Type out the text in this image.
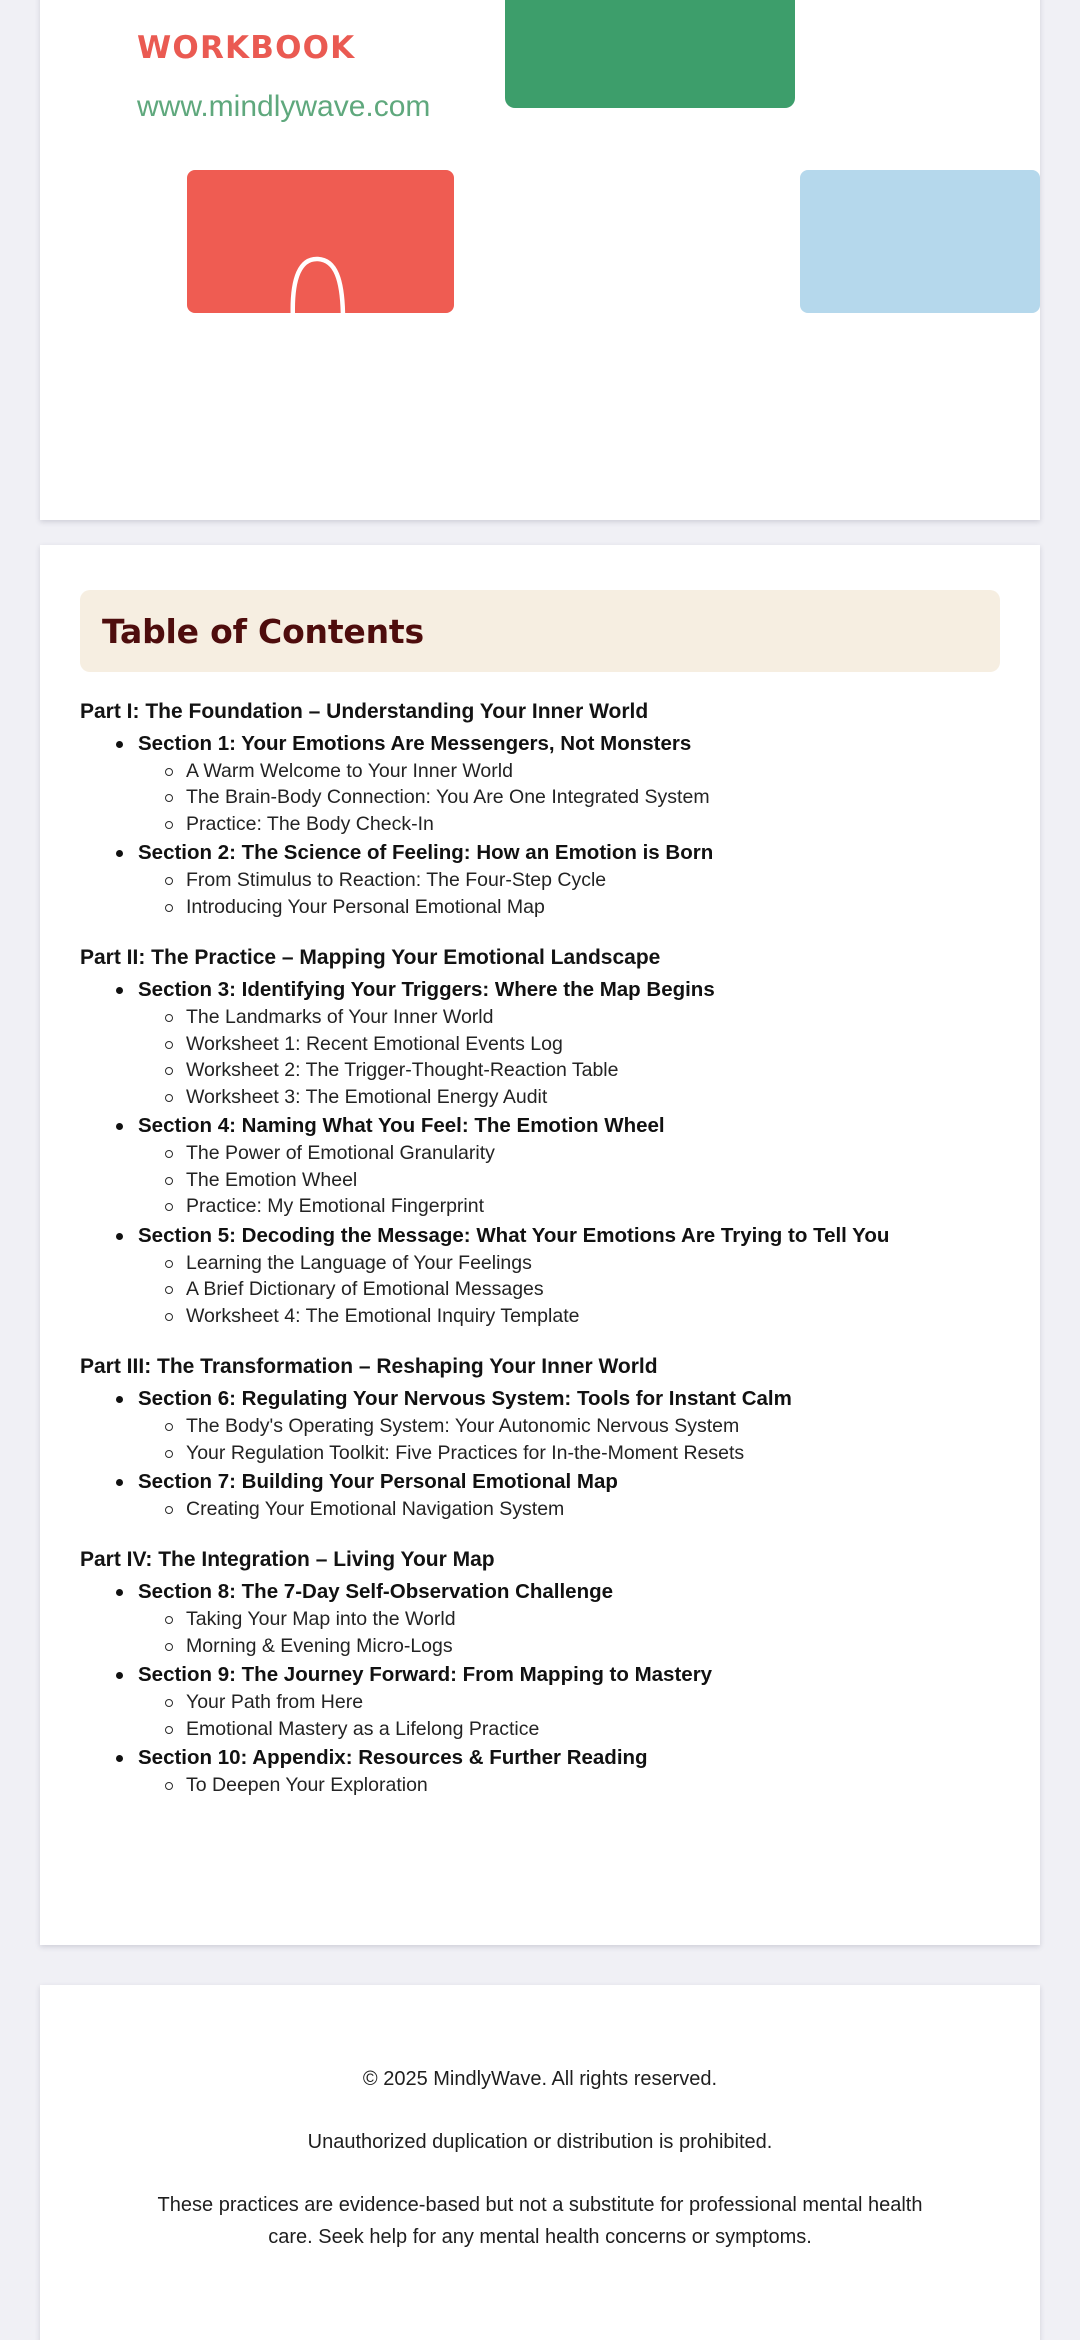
WORKBOOK
www.mindlywave.com
Table of Contents
Part I: The Foundation – Understanding Your Inner World
Section 1: Your Emotions Are Messengers, Not Monsters
A Warm Welcome to Your Inner World
The Brain-Body Connection: You Are One Integrated System
Practice: The Body Check-In
Section 2: The Science of Feeling: How an Emotion is Born
From Stimulus to Reaction: The Four-Step Cycle
Introducing Your Personal Emotional Map
Part II: The Practice – Mapping Your Emotional Landscape
Section 3: Identifying Your Triggers: Where the Map Begins
The Landmarks of Your Inner World
Worksheet 1: Recent Emotional Events Log
Worksheet 2: The Trigger-Thought-Reaction Table
Worksheet 3: The Emotional Energy Audit
Section 4: Naming What You Feel: The Emotion Wheel
The Power of Emotional Granularity
The Emotion Wheel
Practice: My Emotional Fingerprint
Section 5: Decoding the Message: What Your Emotions Are Trying to Tell You
Learning the Language of Your Feelings
A Brief Dictionary of Emotional Messages
Worksheet 4: The Emotional Inquiry Template
Part III: The Transformation – Reshaping Your Inner World
Section 6: Regulating Your Nervous System: Tools for Instant Calm
The Body's Operating System: Your Autonomic Nervous System
Your Regulation Toolkit: Five Practices for In-the-Moment Resets
Section 7: Building Your Personal Emotional Map
Creating Your Emotional Navigation System
Part IV: The Integration – Living Your Map
Section 8: The 7-Day Self-Observation Challenge
Taking Your Map into the World
Morning & Evening Micro-Logs
Section 9: The Journey Forward: From Mapping to Mastery
Your Path from Here
Emotional Mastery as a Lifelong Practice
Section 10: Appendix: Resources & Further Reading
To Deepen Your Exploration
© 2025 MindlyWave. All rights reserved.
Unauthorized duplication or distribution is prohibited.
These practices are evidence-based but not a substitute for professional mental health care. Seek help for any mental health concerns or symptoms.
